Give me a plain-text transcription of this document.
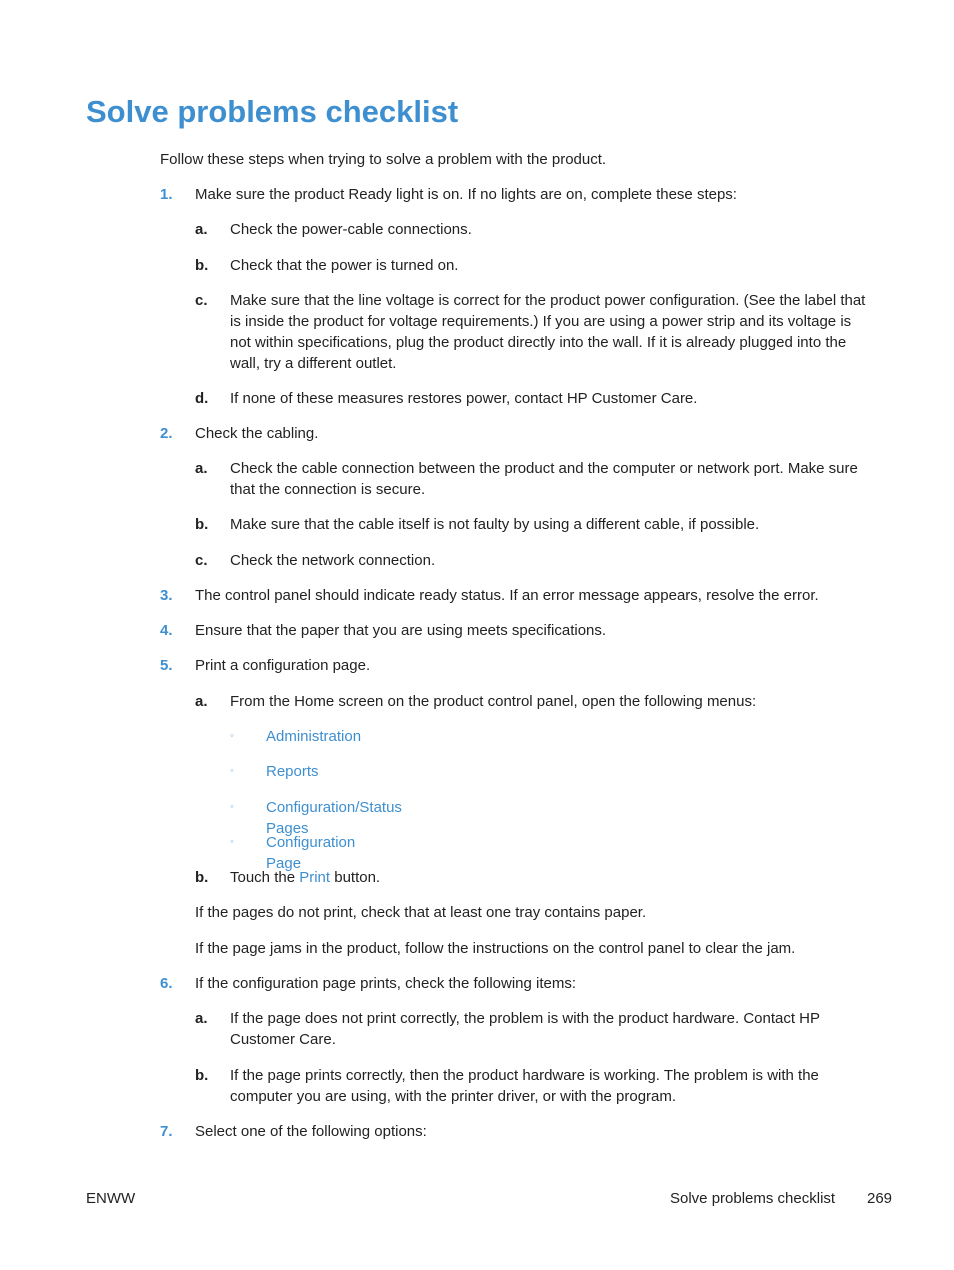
Solve problems checklist
Follow these steps when trying to solve a problem with the product.
1. Make sure the product Ready light is on. If no lights are on, complete these steps:
a. Check the power-cable connections.
b. Check that the power is turned on.
c. Make sure that the line voltage is correct for the product power configuration. (See the label that is inside the product for voltage requirements.) If you are using a power strip and its voltage is not within specifications, plug the product directly into the wall. If it is already plugged into the wall, try a different outlet.
d. If none of these measures restores power, contact HP Customer Care.
2. Check the cabling.
a. Check the cable connection between the product and the computer or network port. Make sure that the connection is secure.
b. Make sure that the cable itself is not faulty by using a different cable, if possible.
c. Check the network connection.
3. The control panel should indicate ready status. If an error message appears, resolve the error.
4. Ensure that the paper that you are using meets specifications.
5. Print a configuration page.
a. From the Home screen on the product control panel, open the following menus:
◦ Administration
◦ Reports
◦ Configuration/Status Pages
◦ Configuration Page
b. Touch the Print button.
If the pages do not print, check that at least one tray contains paper.
If the page jams in the product, follow the instructions on the control panel to clear the jam.
6. If the configuration page prints, check the following items:
a. If the page does not print correctly, the problem is with the product hardware. Contact HP Customer Care.
b. If the page prints correctly, then the product hardware is working. The problem is with the computer you are using, with the printer driver, or with the program.
7. Select one of the following options:
ENWW	Solve problems checklist 269
